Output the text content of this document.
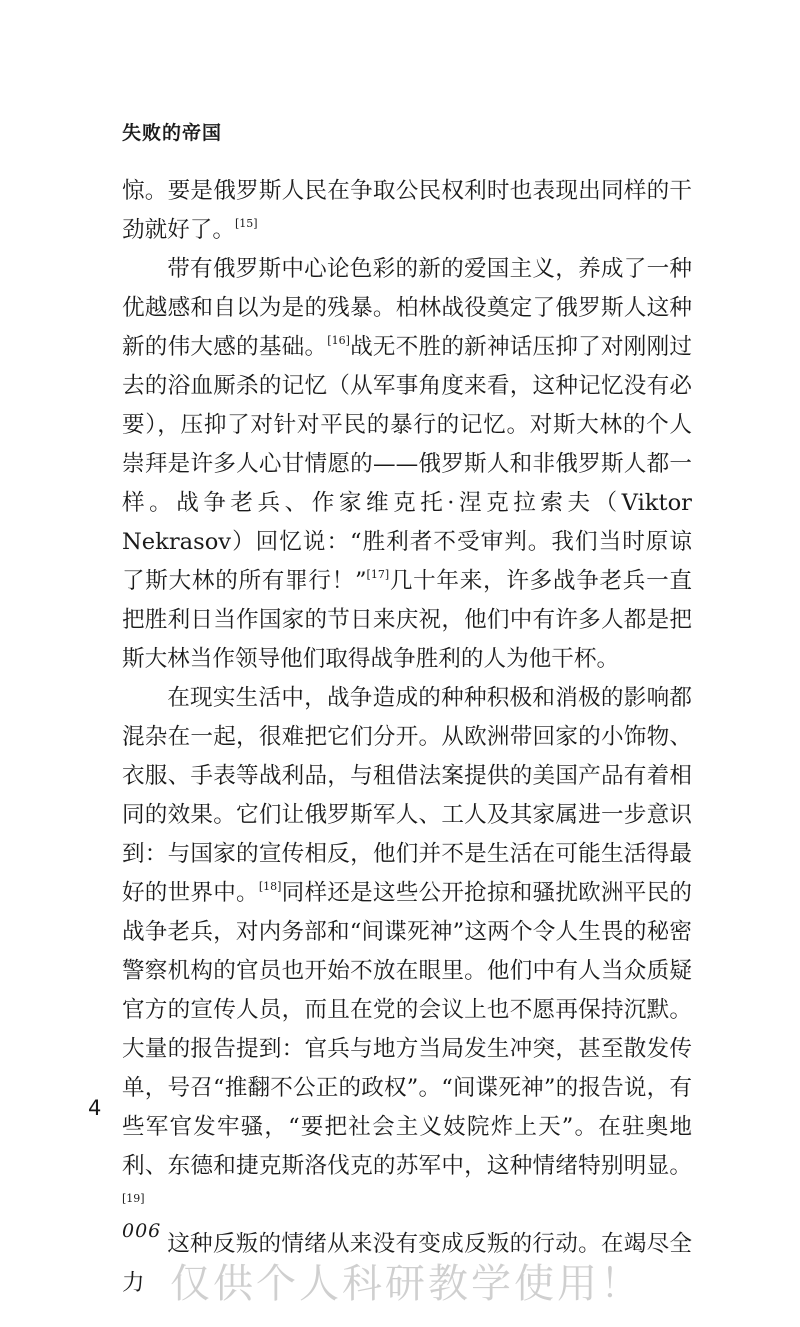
失败的帝国

惊。要是俄罗斯人民在争取公民权利时也表现出同样的干劲就好了。[15]

带有俄罗斯中心论色彩的新的爱国主义，养成了一种优越感和自以为是的残暴。柏林战役奠定了俄罗斯人这种新的伟大感的基础。[16]战无不胜的新神话压抑了对刚刚过去的浴血厮杀的记忆（从军事角度来看，这种记忆没有必要），压抑了对针对平民的暴行的记忆。对斯大林的个人崇拜是许多人心甘情愿的——俄罗斯人和非俄罗斯人都一样。战争老兵、作家维克托·涅克拉索夫（Viktor Nekrasov）回忆说：“胜利者不受审判。我们当时原谅了斯大林的所有罪行！”[17]几十年来，许多战争老兵一直把胜利日当作国家的节日来庆祝，他们中有许多人都是把斯大林当作领导他们取得战争胜利的人为他干杯。

在现实生活中，战争造成的种种积极和消极的影响都混杂在一起，很难把它们分开。从欧洲带回家的小饰物、衣服、手表等战利品，与租借法案提供的美国产品有着相同的效果。它们让俄罗斯军人、工人及其家属进一步意识到：与国家的宣传相反，他们并不是生活在可能生活得最好的世界中。[18]同样还是这些公开抢掠和骚扰欧洲平民的战争老兵，对内务部和“间谍死神”这两个令人生畏的秘密警察机构的官员也开始不放在眼里。他们中有人当众质疑官方的宣传人员，而且在党的会议上也不愿再保持沉默。大量的报告提到：官兵与地方当局发生冲突，甚至散发传单，号召“推翻不公正的政权”。“间谍死神”的报告说，有些军官发牢骚，“要把社会主义妓院炸上天”。在驻奥地利、东德和捷克斯洛伐克的苏军中，这种情绪特别明显。[19]

这种反叛的情绪从来没有变成反叛的行动。在竭尽全力

4
006
仅供个人科研教学使用！
